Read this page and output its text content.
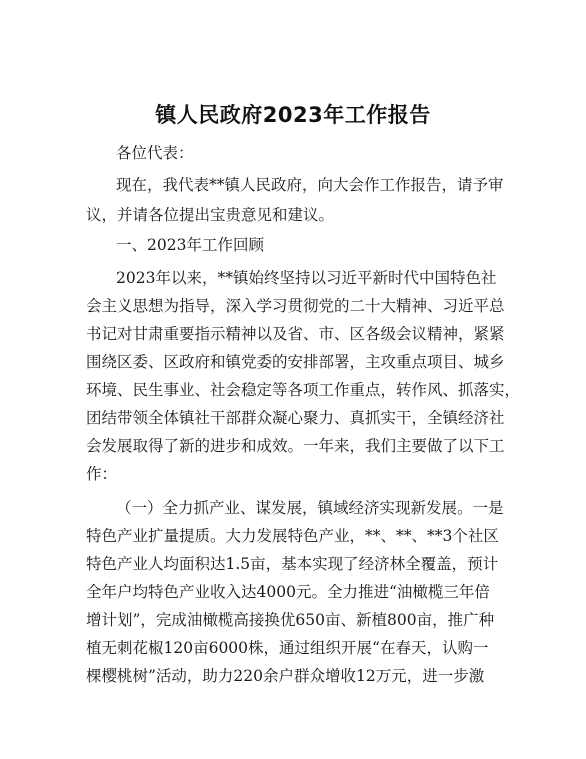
镇人民政府2023年工作报告
各位代表：
现在，我代表**镇人民政府，向大会作工作报告，请予审
议，并请各位提出宝贵意见和建议。
一、2023年工作回顾
2023年以来，**镇始终坚持以习近平新时代中国特色社
会主义思想为指导，深入学习贯彻党的二十大精神、习近平总
书记对甘肃重要指示精神以及省、市、区各级会议精神，紧紧
围绕区委、区政府和镇党委的安排部署，主攻重点项目、城乡
环境、民生事业、社会稳定等各项工作重点，转作风、抓落实，
团结带领全体镇社干部群众凝心聚力、真抓实干，全镇经济社
会发展取得了新的进步和成效。一年来，我们主要做了以下工
作：
（一）全力抓产业、谋发展，镇域经济实现新发展。一是
特色产业扩量提质。大力发展特色产业，**、**、**3个社区
特色产业人均面积达1.5亩，基本实现了经济林全覆盖，预计
全年户均特色产业收入达4000元。全力推进“油橄榄三年倍
增计划”，完成油橄榄高接换优650亩、新植800亩，推广种
植无刺花椒120亩6000株，通过组织开展“在春天，认购一
棵樱桃树”活动，助力220余户群众增收12万元，进一步激
